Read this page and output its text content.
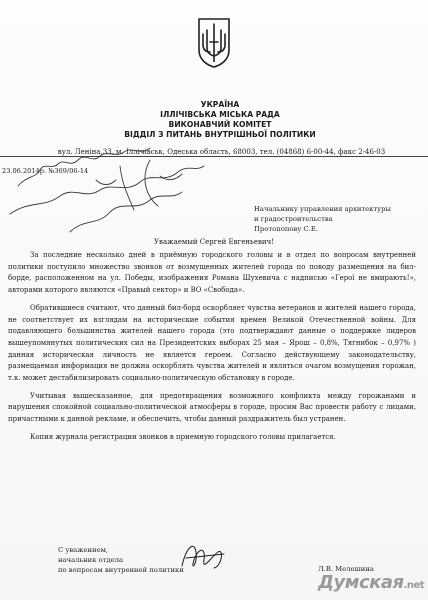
УКРАЇНА
ІЛЛІЧІВСЬКА МІСЬКА РАДА
ВИКОНАВЧИЙ КОМІТЕТ
ВІДДІЛ З ПИТАНЬ ВНУТРІШНЬОЇ ПОЛІТИКИ
вул. Леніна,33, м. Іллічівськ, Одеська область, 68003, тел. (04868) 6-00-44, факс 2-46-03
23.06.2014р. №369/06-14
Начальнику управления архитектуры
и градостроительства
Протопопову С.Е.
Уважаемый Сергей Евгеньевич!

За последние несколько дней в приёмную городского головы и в отдел по вопросам внутренней политики поступило множество звонков от возмущенных жителей города по поводу размещения на бил-борде, расположенном на ул. Победы, изображения Романа Шухевича с надписью «Герої не вмирають!», авторами которого являются «Правый сектор» и ВО «Свобода».

Обратившиеся считают, что данный бил-борд оскорбляет чувства ветеранов и жителей нашего города, не соответствует их взглядам на исторические события времен Великой Отечественной войны. Для подавляющего большинства жителей нашего города (это подтверждают данные о поддержке лидеров вышеупомянутых политических сил на Президентских выборах 25 мая – Ярош – 0,8%, Тягнибок – 0,97% ) данная историческая личность не является героем. Согласно действующему законодательству, размещаемая информация не должна оскорблять чувства жителей и являться очагом возмущения горожан, т.к. может дестабилизировать социально-политическую обстановку в городе.

Учитывая вышесказанное, для предотвращения возможного конфликта между горожанами и нарушения спокойной социально-политической атмосферы в городе, просим Вас провести работу с лицами, причастными к данной рекламе, и обеспечить, чтобы данный раздражитель был устранен.

Копия журнала регистрации звонков в приемную городского головы прилагается.

С уважением,
начальник отдела
по вопросам внутренней политики	Л.В. Мелешина
Думская.net
